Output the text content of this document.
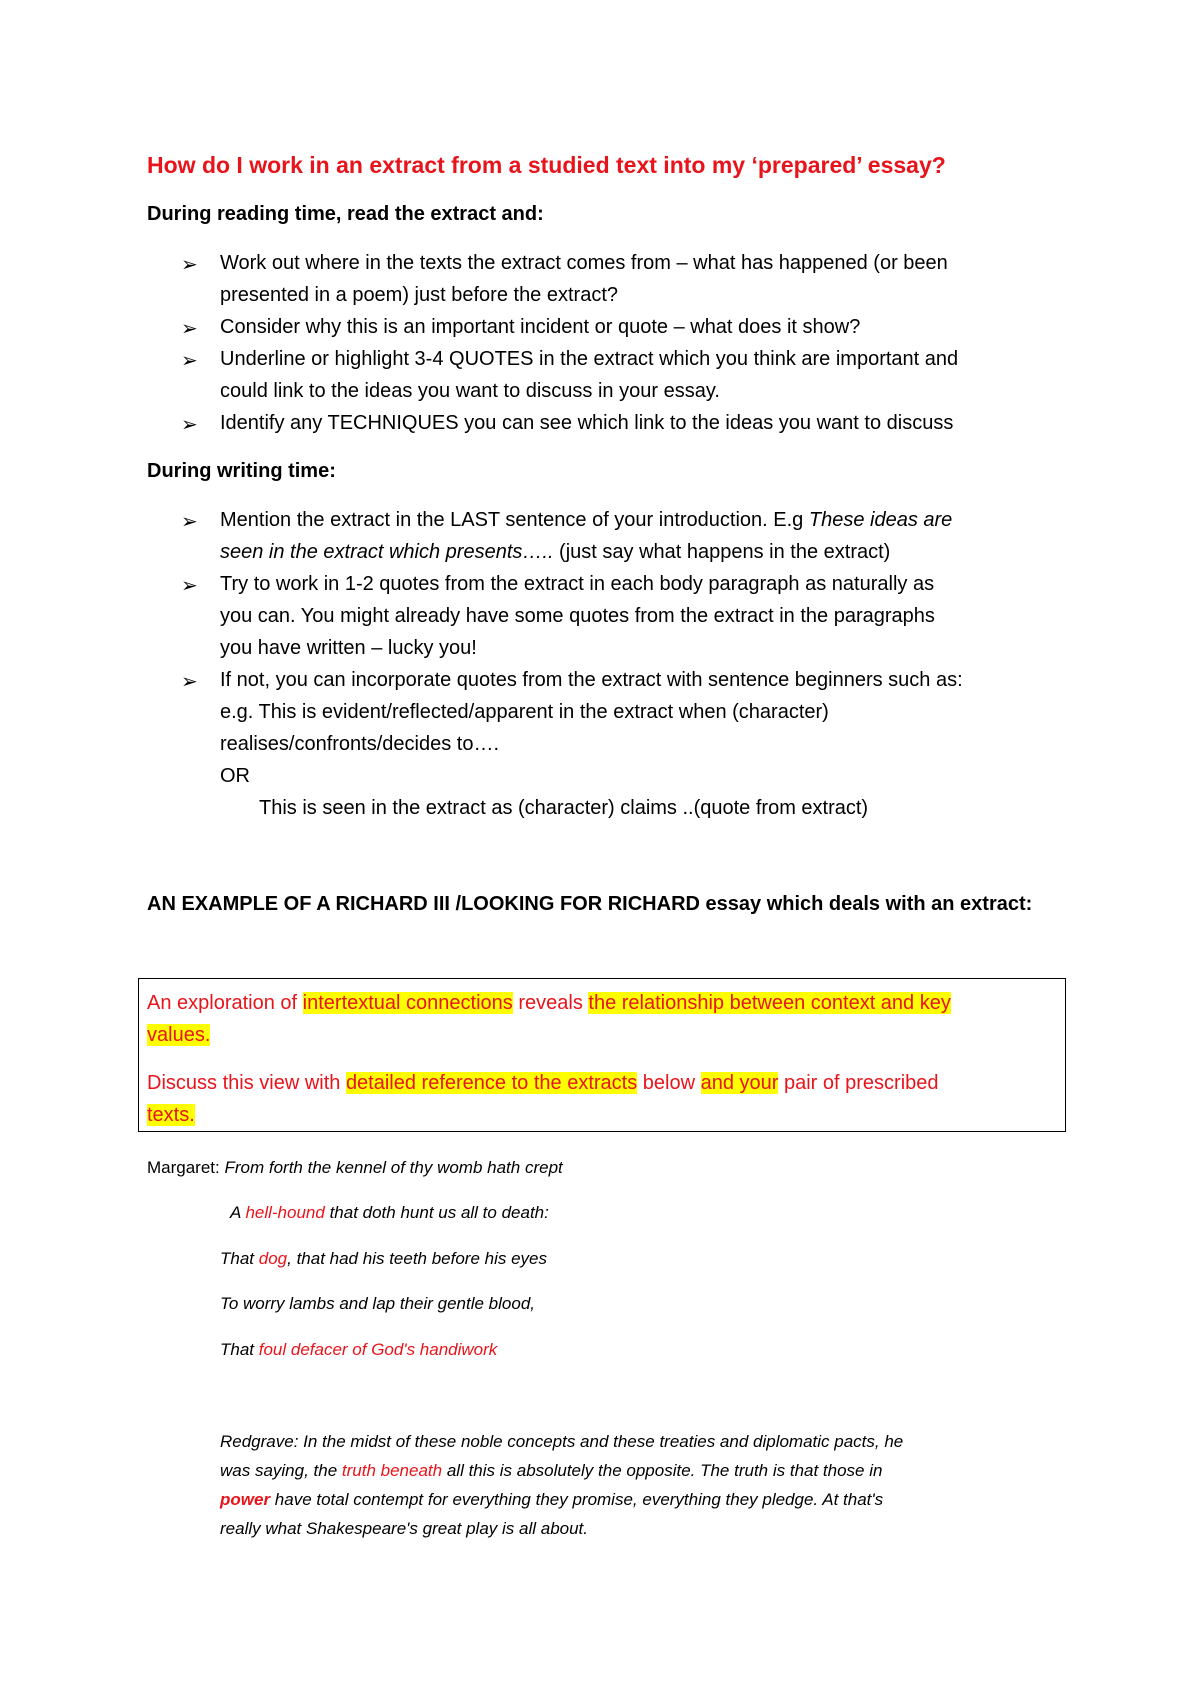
How do I work in an extract from a studied text into my ‘prepared’ essay?
During reading time, read the extract and:
➢ Work out where in the texts the extract comes from – what has happened (or been
presented in a poem) just before the extract?
➢ Consider why this is an important incident or quote – what does it show?
➢ Underline or highlight 3-4 QUOTES in the extract which you think are important and
could link to the ideas you want to discuss in your essay.
➢ Identify any TECHNIQUES you can see which link to the ideas you want to discuss
During writing time:
➢ Mention the extract in the LAST sentence of your introduction. E.g These ideas are
seen in the extract which presents….. (just say what happens in the extract)
➢ Try to work in 1-2 quotes from the extract in each body paragraph as naturally as
you can. You might already have some quotes from the extract in the paragraphs
you have written – lucky you!
➢ If not, you can incorporate quotes from the extract with sentence beginners such as:
e.g. This is evident/reflected/apparent in the extract when (character)
realises/confronts/decides to….
OR
This is seen in the extract as (character) claims ..(quote from extract)
AN EXAMPLE OF A RICHARD III /LOOKING FOR RICHARD essay which deals with an extract:
An exploration of intertextual connections reveals the relationship between context and key
values.
Discuss this view with detailed reference to the extracts below and your pair of prescribed
texts.
Margaret: From forth the kennel of thy womb hath crept
A hell-hound that doth hunt us all to death:
That dog, that had his teeth before his eyes
To worry lambs and lap their gentle blood,
That foul defacer of God's handiwork
Redgrave: In the midst of these noble concepts and these treaties and diplomatic pacts, he
was saying, the truth beneath all this is absolutely the opposite. The truth is that those in
power have total contempt for everything they promise, everything they pledge. At that's
really what Shakespeare's great play is all about.
